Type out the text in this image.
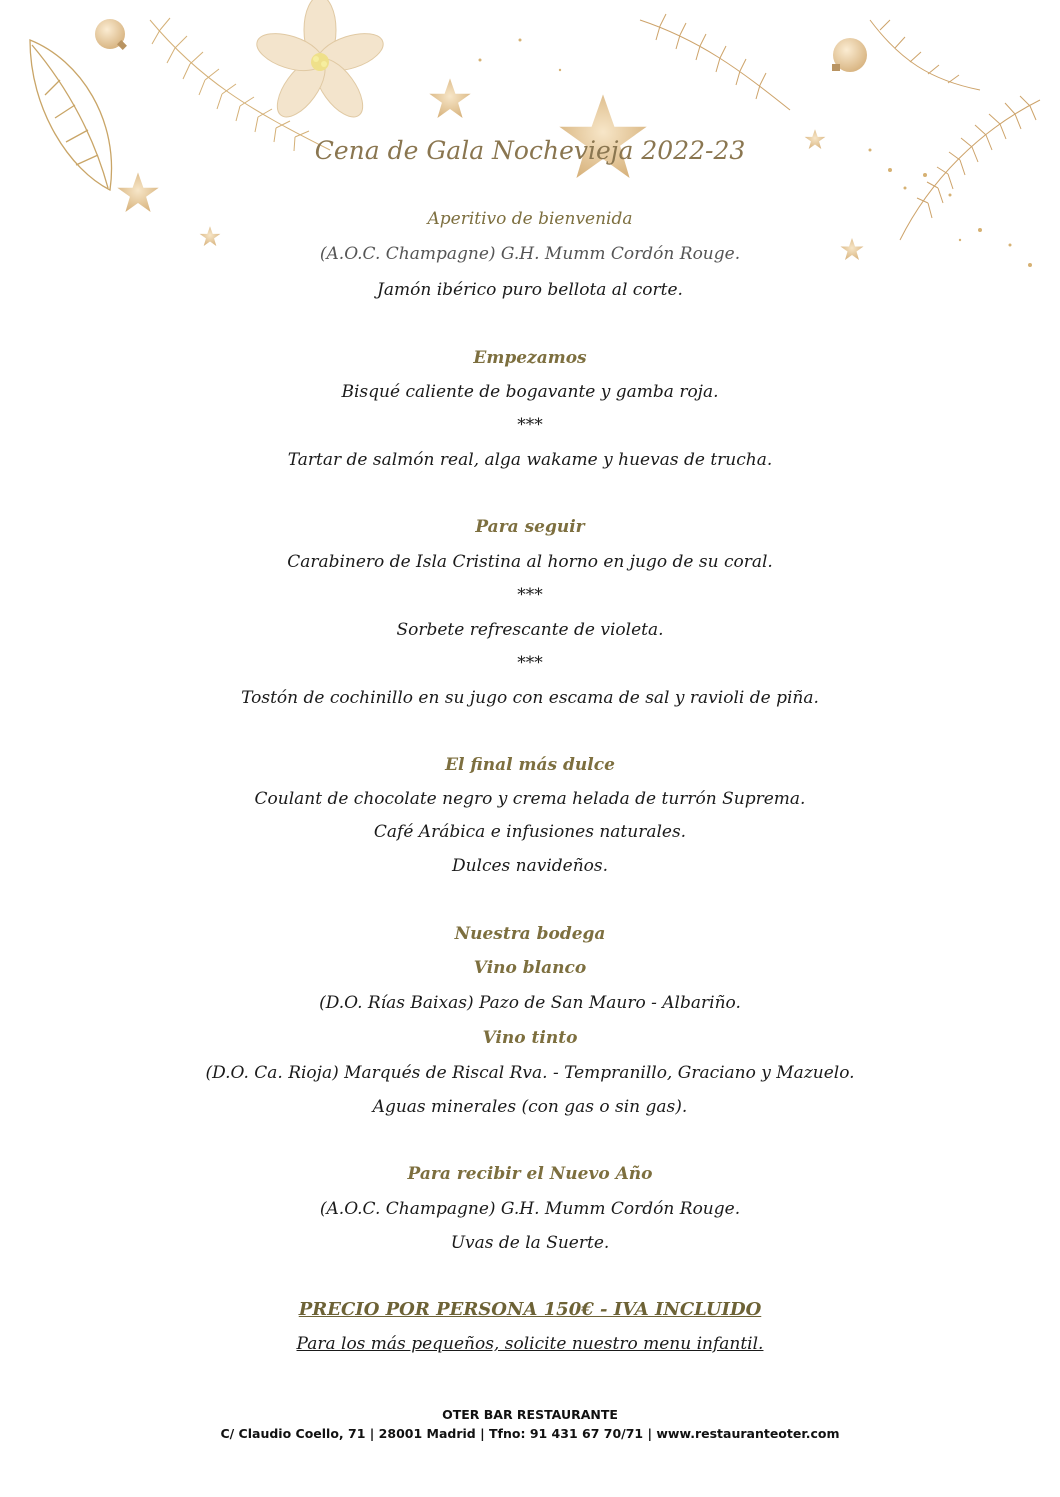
Cena de Gala Nochevieja 2022-23
Aperitivo de bienvenida
(A.O.C. Champagne) G.H. Mumm Cordón Rouge.
Jamón ibérico puro bellota al corte.
Empezamos
Bisqué caliente de bogavante y gamba roja.
***
Tartar de salmón real, alga wakame y huevas de trucha.
Para seguir
Carabinero de Isla Cristina al horno en jugo de su coral.
***
Sorbete refrescante de violeta.
***
Tostón de cochinillo en su jugo con escama de sal y ravioli de piña.
El final más dulce
Coulant de chocolate negro y crema helada de turrón Suprema.
Café Arábica e infusiones naturales.
Dulces navideños.
Nuestra bodega
Vino blanco
(D.O. Rías Baixas) Pazo de San Mauro - Albariño.
Vino tinto
(D.O. Ca. Rioja) Marqués de Riscal Rva. - Tempranillo, Graciano y Mazuelo.
Aguas minerales (con gas o sin gas).
Para recibir el Nuevo Año
(A.O.C. Champagne) G.H. Mumm Cordón Rouge.
Uvas de la Suerte.
PRECIO POR PERSONA 150€ - IVA INCLUIDO
Para los más pequeños, solicite nuestro menu infantil.
OTER BAR RESTAURANTE
C/ Claudio Coello, 71 | 28001 Madrid | Tfno: 91 431 67 70/71 | www.restauranteoter.com
